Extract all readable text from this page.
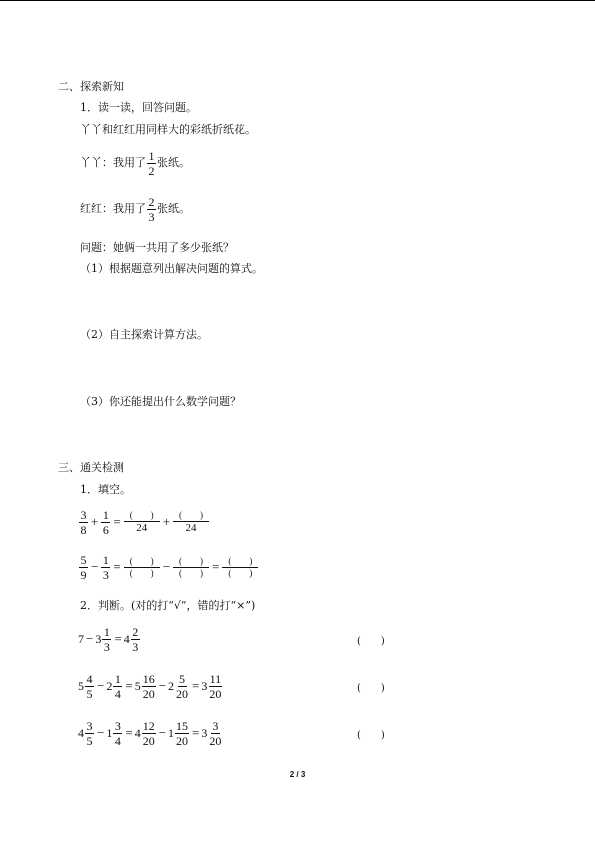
二、探索新知
1．读一读，回答问题。
丫丫和红红用同样大的彩纸折纸花。
丫丫：我用了 $\frac{1}{2}$ 张纸。
红红：我用了 $\frac{2}{3}$ 张纸。
问题：她俩一共用了多少张纸？
（1）根据题意列出解决问题的算式。
（2）自主探索计算方法。
（3）你还能提出什么数学问题？
三、通关检测
1．填空。
$\frac{3}{8} + \frac{1}{6} = \frac{( )}{24} + \frac{( )}{24}$
$\frac{5}{9} - \frac{1}{3} = \frac{( )}{( )} - \frac{( )}{( )} = \frac{( )}{( )}$
2．判断。(对的打“√”，错的打“×”)
$7 - 3 \frac{1}{3} = 4 \frac{2}{3}$	(　　)
$5 \frac{4}{5} - 2 \frac{1}{4} = 5 \frac{16}{20} - 2 \frac{5}{20} = 3 \frac{11}{20}$	(　　)
$4 \frac{3}{5} - 1 \frac{3}{4} = 4 \frac{12}{20} - 1 \frac{15}{20} = 3 \frac{3}{20}$	(　　)
2 / 3
